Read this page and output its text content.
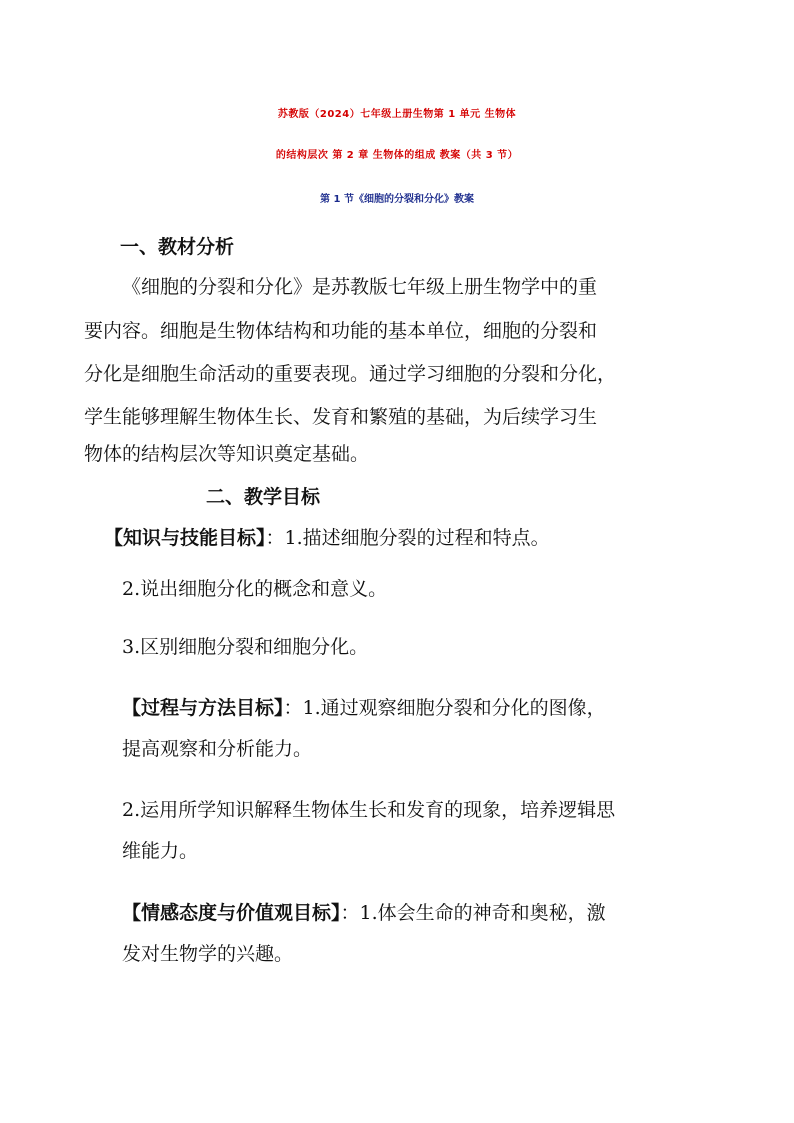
苏教版（2024）七年级上册生物第 1 单元 生物体
的结构层次 第 2 章 生物体的组成 教案（共 3 节）
第 1 节《细胞的分裂和分化》教案
一、教材分析
《细胞的分裂和分化》是苏教版七年级上册生物学中的重
要内容。细胞是生物体结构和功能的基本单位，细胞的分裂和
分化是细胞生命活动的重要表现。通过学习细胞的分裂和分化，
学生能够理解生物体生长、发育和繁殖的基础，为后续学习生
物体的结构层次等知识奠定基础。
二、教学目标
【知识与技能目标】：1.描述细胞分裂的过程和特点。
2.说出细胞分化的概念和意义。
3.区别细胞分裂和细胞分化。
【过程与方法目标】：1.通过观察细胞分裂和分化的图像，
提高观察和分析能力。
2.运用所学知识解释生物体生长和发育的现象，培养逻辑思
维能力。
【情感态度与价值观目标】：1.体会生命的神奇和奥秘，激
发对生物学的兴趣。
